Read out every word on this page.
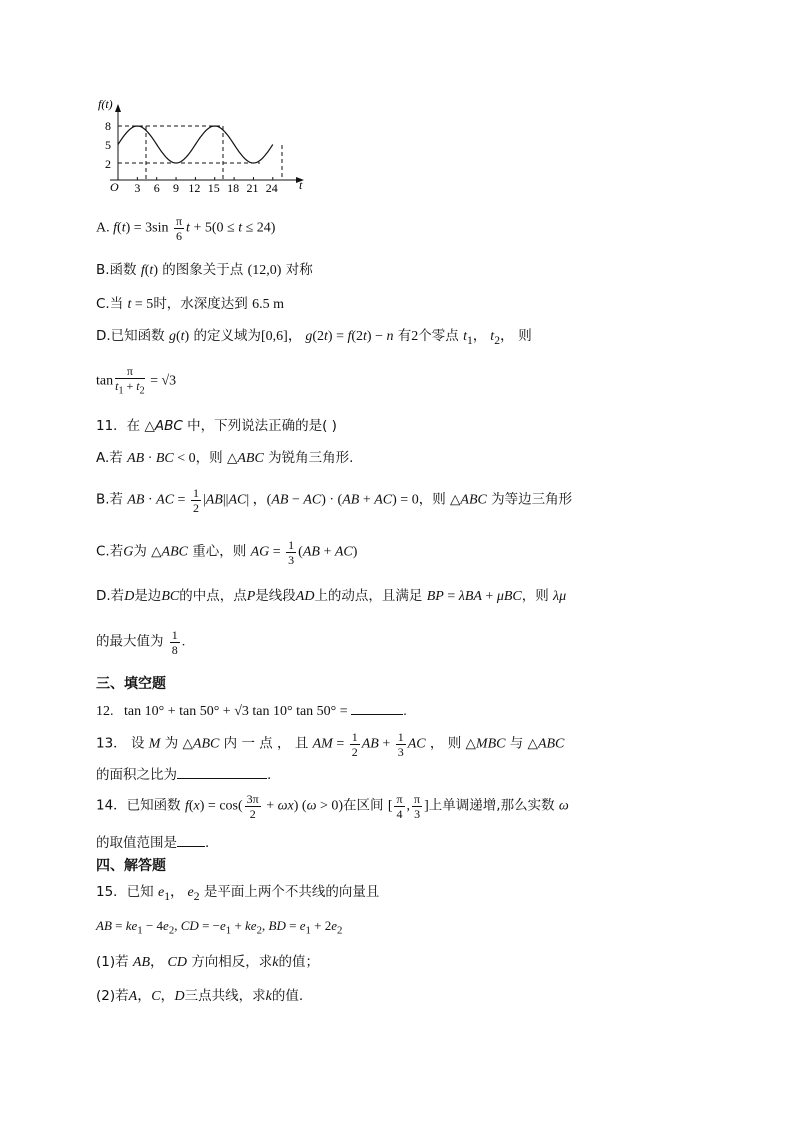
f(t)
t
O
8
5
2
3 6 9 12 15 18 21 24
A. $f(t) = 3\sin \frac{\pi}{6}$ t + 5(0 ≤ t ≤ 24)
B.函数 f(t) 的图象关于点 (12,0) 对称
C.当 t = 5时，水深度达到 6.5 m
D.已知函数 g(t) 的定义域为[0,6]， g(2t) = f(2t) − n 有2个零点 $t_1$， $t_2$， 则
$\tan \frac{\pi}{t_1 + t_2} = √3$
11．在 △ABC 中，下列说法正确的是( )
A.若 AB · BC < 0，则 △ABC 为锐角三角形.
B.若 AB · AC = $\frac{1}{2} |AB||AC|$ ，(AB − AC) · (AB + AC) = 0，则 △ABC 为等边三角形
C.若G为 △ABC 重心，则 AG = $\frac{1}{3} (AB + AC)$
D.若D是边BC的中点，点P是线段AD上的动点，且满足 BP = λBA + μBC，则 λμ
的最大值为 $\frac{1}{8}$ .
三、填空题
12.   tan 10° + tan 50° + √3 tan 10° tan 50° =	.
13． 设 M 为 △ABC 内 一 点 ， 且 AM = $\frac{1}{2}$ AB + $\frac{1}{3}$ AC ， 则 △MBC 与 △ABC
的面积之比为	.
14．已知函数 $f(x) = \cos( \frac{3\pi}{2} + \omega x)$ (ω > 0)在区间 [ $\frac{\pi}{4}$ , $\frac{\pi}{3}$ ]上单调递增,那么实数 ω
的取值范围是 .
四、解答题
15．已知 $e_1$， $e_2$ 是平面上两个不共线的向量且
AB = $ke_1 - 4e_2$, CD = $-e_1 + ke_2$, BD = $e_1 + 2e_2$
(1)若 AB， CD 方向相反，求k的值；
(2)若A，C，D三点共线，求k的值.
